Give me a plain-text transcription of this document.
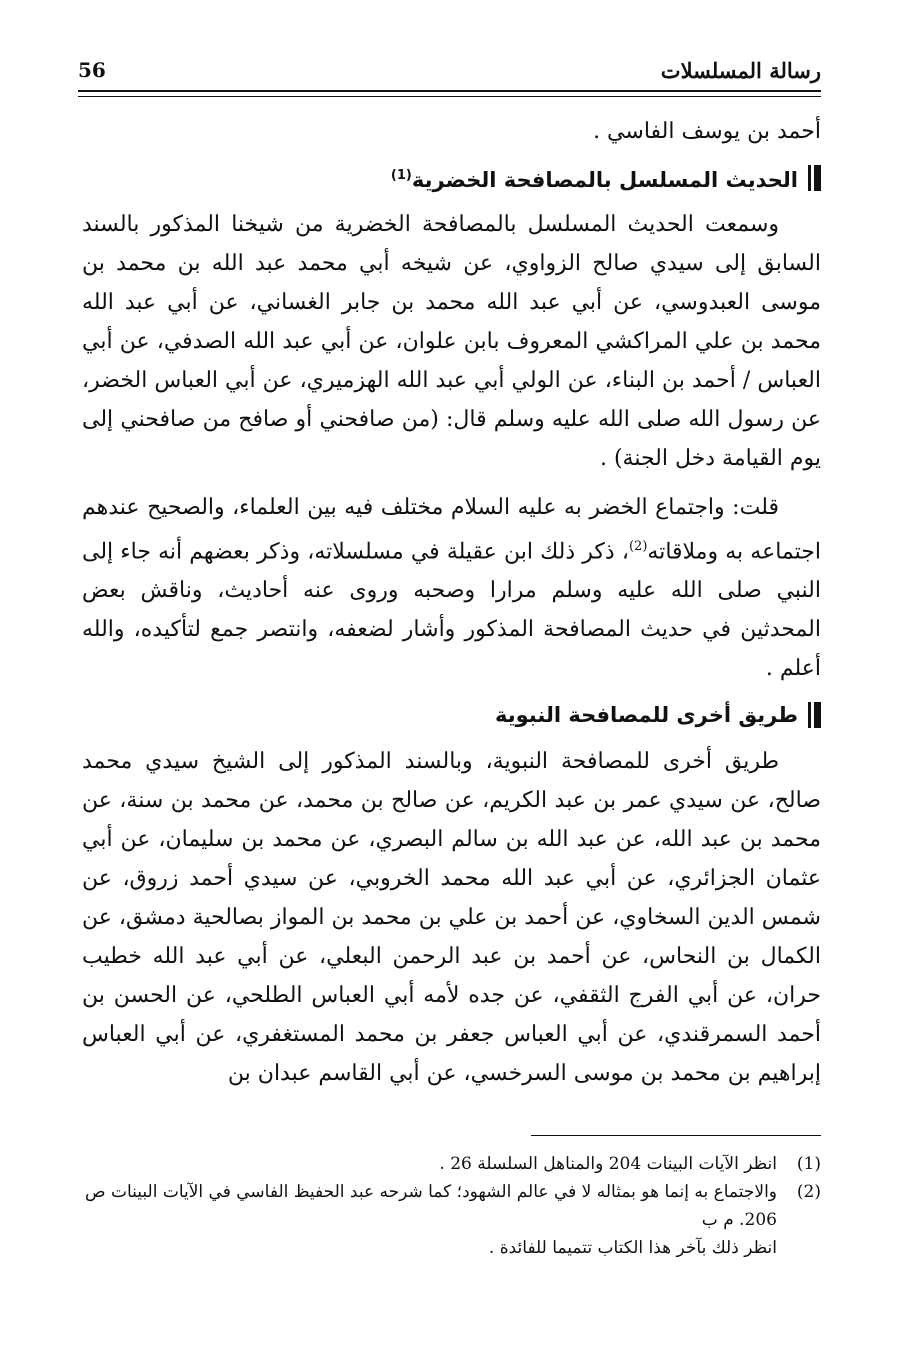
56	رسالة المسلسلات

أحمد بن يوسف الفاسي .

الحديث المسلسل بالمصافحة الخضرية$^{(1)}$

وسمعت الحديث المسلسل بالمصافحة الخضرية من شيخنا المذكور بالسند السابق إلى سيدي صالح الزواوي، عن شيخه أبي محمد عبد الله بن محمد بن موسى العبدوسي، عن أبي عبد الله محمد بن جابر الغساني، عن أبي عبد الله محمد بن علي المراكشي المعروف بابن علوان، عن أبي عبد الله الصدفي، عن أبي العباس / أحمد بن البناء، عن الولي أبي عبد الله الهزميري، عن أبي العباس الخضر، عن رسول الله صلى الله عليه وسلم قال: (من صافحني أو صافح من صافحني إلى يوم القيامة دخل الجنة) .

قلت: واجتماع الخضر به عليه السلام مختلف فيه بين العلماء، والصحيح عندهم اجتماعه به وملاقاته$^{(2)}$، ذكر ذلك ابن عقيلة في مسلسلاته، وذكر بعضهم أنه جاء إلى النبي صلى الله عليه وسلم مرارا وصحبه وروى عنه أحاديث، وناقش بعض المحدثين في حديث المصافحة المذكور وأشار لضعفه، وانتصر جمع لتأكيده، والله أعلم .

طريق أخرى للمصافحة النبوية

طريق أخرى للمصافحة النبوية، وبالسند المذكور إلى الشيخ سيدي محمد صالح، عن سيدي عمر بن عبد الكريم، عن صالح بن محمد، عن محمد بن سنة، عن محمد بن عبد الله، عن عبد الله بن سالم البصري، عن محمد بن سليمان، عن أبي عثمان الجزائري، عن أبي عبد الله محمد الخروبي، عن سيدي أحمد زروق، عن شمس الدين السخاوي، عن أحمد بن علي بن محمد بن المواز بصالحية دمشق، عن الكمال بن النحاس، عن أحمد بن عبد الرحمن البعلي، عن أبي عبد الله خطيب حران، عن أبي الفرج الثقفي، عن جده لأمه أبي العباس الطلحي، عن الحسن بن أحمد السمرقندي، عن أبي العباس جعفر بن محمد المستغفري، عن أبي العباس إبراهيم بن محمد بن موسى السرخسي، عن أبي القاسم عبدان بن

(1)
انظر الآيات البينات 204 والمناهل السلسلة 26 .
(2)
والاجتماع به إنما هو بمثاله لا في عالم الشهود؛ كما شرحه عبد الحفيظ الفاسي في الآيات البينات ص 206. م ب
انظر ذلك بآخر هذا الكتاب تتميما للفائدة .
